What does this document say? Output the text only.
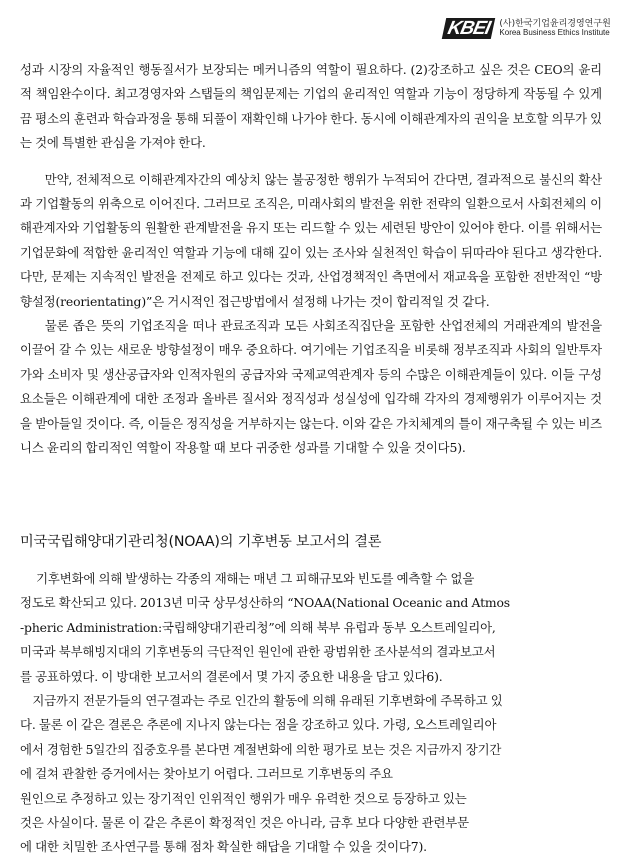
KBEI (사)한국기업윤리경영연구원
Korea Business Ethics Institute

성과 시장의 자율적인 행동질서가 보장되는 메커니즘의 역할이 필요하다. (2)강조하고 싶은 것은 CEO의 윤리적 책임완수이다. 최고경영자와 스탭들의 책임문제는 기업의 윤리적인 역할과 기능이 정당하게 작동될 수 있게끔 평소의 훈련과 학습과정을 통해 되풀이 재확인해 나가야 한다. 동시에 이해관계자의 권익을 보호할 의무가 있는 것에 특별한 관심을 가져야 한다.

만약, 전체적으로 이해관계자간의 예상치 않는 불공정한 행위가 누적되어 간다면, 결과적으로 불신의 확산과 기업활동의 위축으로 이어진다. 그러므로 조직은, 미래사회의 발전을 위한 전략의 일환으로서 사회전체의 이해관계자와 기업활동의 원활한 관계발전을 유지 또는 리드할 수 있는 세련된 방안이 있어야 한다. 이를 위해서는 기업문화에 적합한 윤리적인 역할과 기능에 대해 깊이 있는 조사와 실천적인 학습이 뒤따라야 된다고 생각한다. 다만, 문제는 지속적인 발전을 전제로 하고 있다는 것과, 산업경책적인 측면에서 재교육을 포함한 전반적인 “방향설정(reorientating)”은 거시적인 접근방법에서 설정해 나가는 것이 합리적일 것 같다.

물론 좁은 뜻의 기업조직을 떠나 관료조직과 모든 사회조직집단을 포함한 산업전체의 거래관계의 발전을 이끌어 갈 수 있는 새로운 방향설정이 매우 중요하다. 여기에는 기업조직을 비롯해 정부조직과 사회의 일반투자가와 소비자 및 생산공급자와 인적자원의 공급자와 국제교역관계자 등의 수많은 이해관계들이 있다. 이들 구성요소들은 이해관계에 대한 조정과 올바른 질서와 정직성과 성실성에 입각해 각자의 경제행위가 이루어지는 것을 받아들일 것이다. 즉, 이들은 정직성을 거부하지는 않는다. 이와 같은 가치체계의 틀이 재구축될 수 있는 비즈니스 윤리의 합리적인 역할이 작용할 때 보다 귀중한 성과를 기대할 수 있을 것이다5).

미국국립해양대기관리청(NOAA)의 기후변동 보고서의 결론

기후변화에 의해 발생하는 각종의 재해는 매년 그 피해규모와 빈도를 예측할 수 없을
정도로 확산되고 있다. 2013년 미국 상무성산하의 “NOAA(National Oceanic and Atmos
-pheric Administration:국립해양대기관리청”에 의해 북부 유럽과 동부 오스트레일리아,
미국과 북부해빙지대의 기후변동의 극단적인 원인에 관한 광범위한 조사분석의 결과보고서
를 공표하였다. 이 방대한 보고서의 결론에서 몇 가지 중요한 내용을 담고 있다6).

지금까지 전문가들의 연구결과는 주로 인간의 활동에 의해 유래된 기후변화에 주목하고 있
다. 물론 이 같은 결론은 추론에 지나지 않는다는 점을 강조하고 있다. 가령, 오스트레일리아
에서 경험한 5일간의 집중호우를 본다면 계절변화에 의한 평가로 보는 것은 지금까지 장기간
에 걸쳐 관찰한 증거에서는 찾아보기 어렵다. 그러므로 기후변동의 주요
원인으로 추정하고 있는 장기적인 인위적인 행위가 매우 유력한 것으로 등장하고 있는
것은 사실이다. 물론 이 같은 추론이 확정적인 것은 아니라, 금후 보다 다양한 관련부문
에 대한 치밀한 조사연구를 통해 점차 확실한 해답을 기대할 수 있을 것이다7).
